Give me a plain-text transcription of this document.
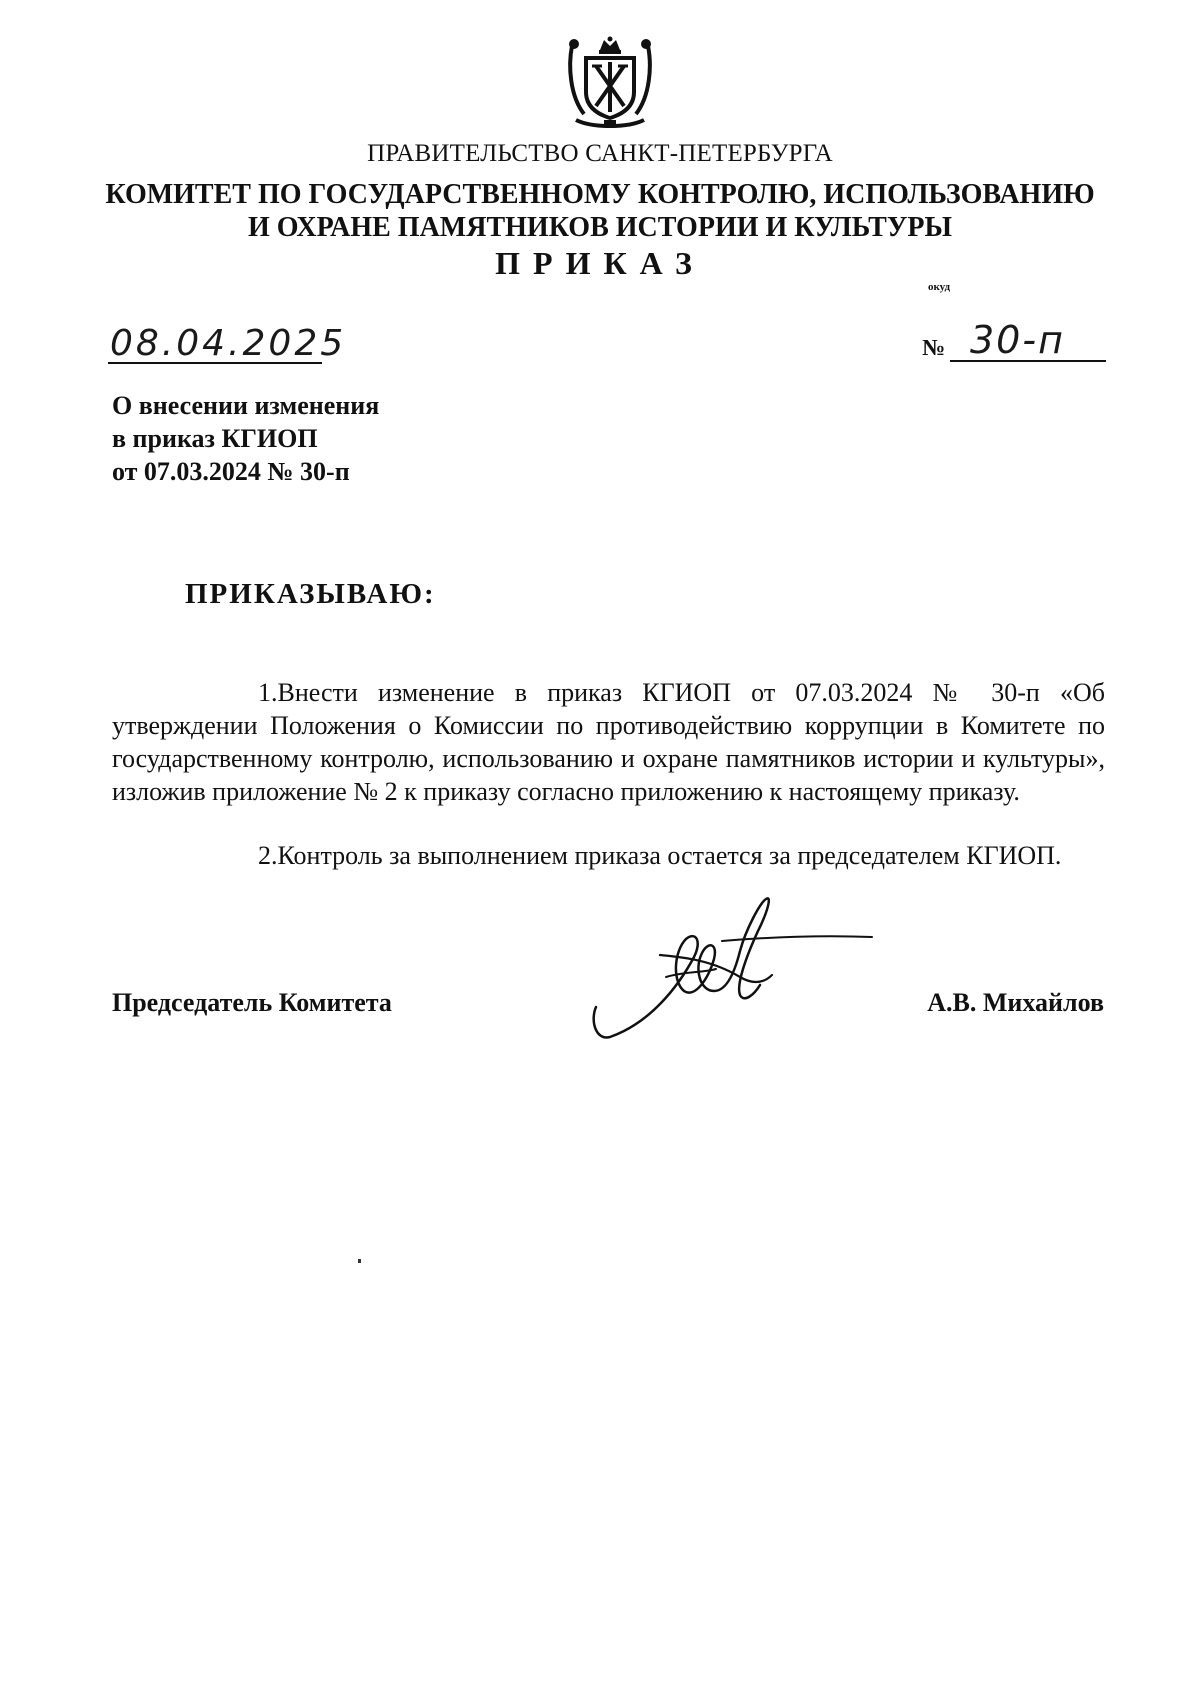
ПРАВИТЕЛЬСТВО САНКТ-ПЕТЕРБУРГА
КОМИТЕТ ПО ГОСУДАРСТВЕННОМУ КОНТРОЛЮ, ИСПОЛЬЗОВАНИЮ
И ОХРАНЕ ПАМЯТНИКОВ ИСТОРИИ И КУЛЬТУРЫ
ПРИКАЗ
окуд
08.04.2025	№ 30-п
О внесении изменения
в приказ КГИОП
от 07.03.2024 № 30-п
ПРИКАЗЫВАЮ:
1.Внести изменение в приказ КГИОП от 07.03.2024 № 30-п «Об утверждении Положения о Комиссии по противодействию коррупции в Комитете по государственному контролю, использованию и охране памятников истории и культуры», изложив приложение № 2 к приказу согласно приложению к настоящему приказу.
2.Контроль за выполнением приказа остается за председателем КГИОП.
Председатель Комитета	А.В. Михайлов
